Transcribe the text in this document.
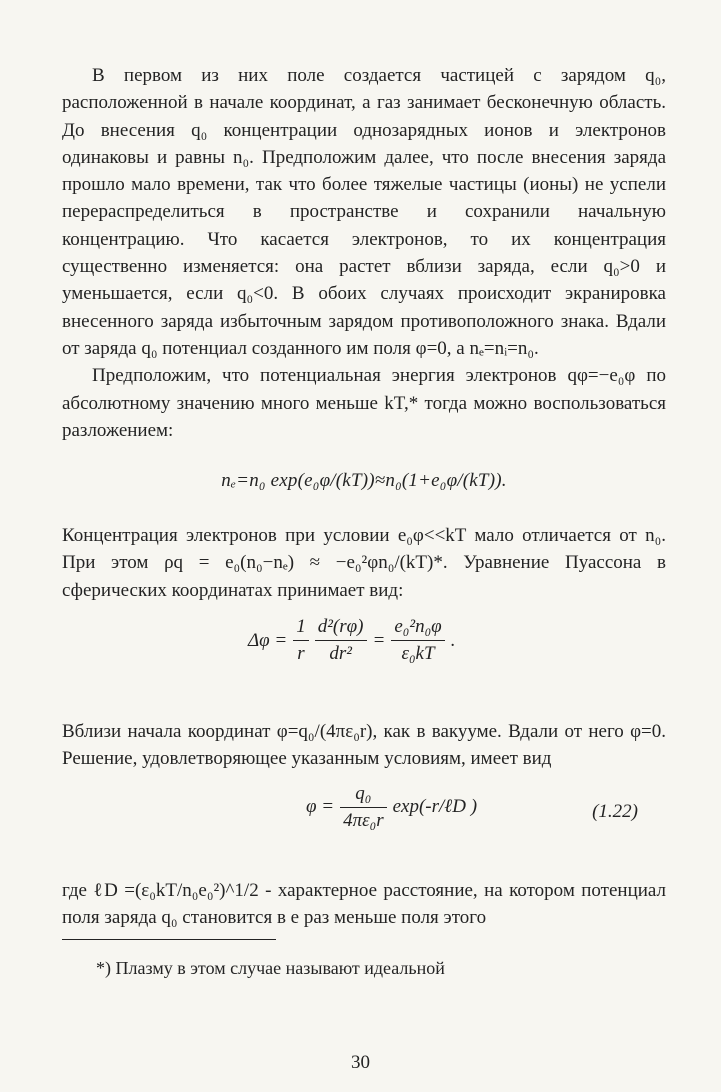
В первом из них поле создается частицей с зарядом q₀, расположенной в начале координат, а газ занимает бесконечную область. До внесения q₀ концентрации однозарядных ионов и электронов одинаковы и равны n₀. Предположим далее, что после внесения заряда прошло мало времени, так что более тяжелые частицы (ионы) не успели перераспределиться в пространстве и сохранили начальную концентрацию. Что касается электронов, то их концентрация существенно изменяется: она растет вблизи заряда, если q₀>0 и уменьшается, если q₀<0. В обоих случаях происходит экранировка внесенного заряда избыточным зарядом противоположного знака. Вдали от заряда q₀ потенциал созданного им поля φ=0, а nₑ=nᵢ=n₀.

Предположим, что потенциальная энергия электронов qφ=−e₀φ по абсолютному значению много меньше kT,* тогда можно воспользоваться разложением:

nₑ=n₀ exp(e₀φ/(kT))≈n₀(1+e₀φ/(kT)).

Концентрация электронов при условии e₀φ<<kT мало отличается от n₀. При этом ρq = e₀(n₀−nₑ) ≈ −e₀²φn₀/(kT)*. Уравнение Пуассона в сферических координатах принимает вид:

$\Delta\varphi = \frac{1}{r} \frac{\text{d²(rφ)}}{\text{dr²}} = \frac{\text{e₀²n₀φ}}{\text{ε₀kT}}$ .

Вблизи начала координат φ=q₀/(4πε₀r), как в вакууме. Вдали от него φ=0. Решение, удовлетворяющее указанным условиям, имеет вид

$\varphi = \frac{\text{q₀}}{\text{4πε₀r}}$ exp(-r/ℓD )	(1.22)

где ℓD =(ε₀kT/n₀e₀²)^1/2 - характерное расстояние, на котором потенциал поля заряда q₀ становится в e раз меньше поля этого

*) Плазму в этом случае называют идеальной
30
